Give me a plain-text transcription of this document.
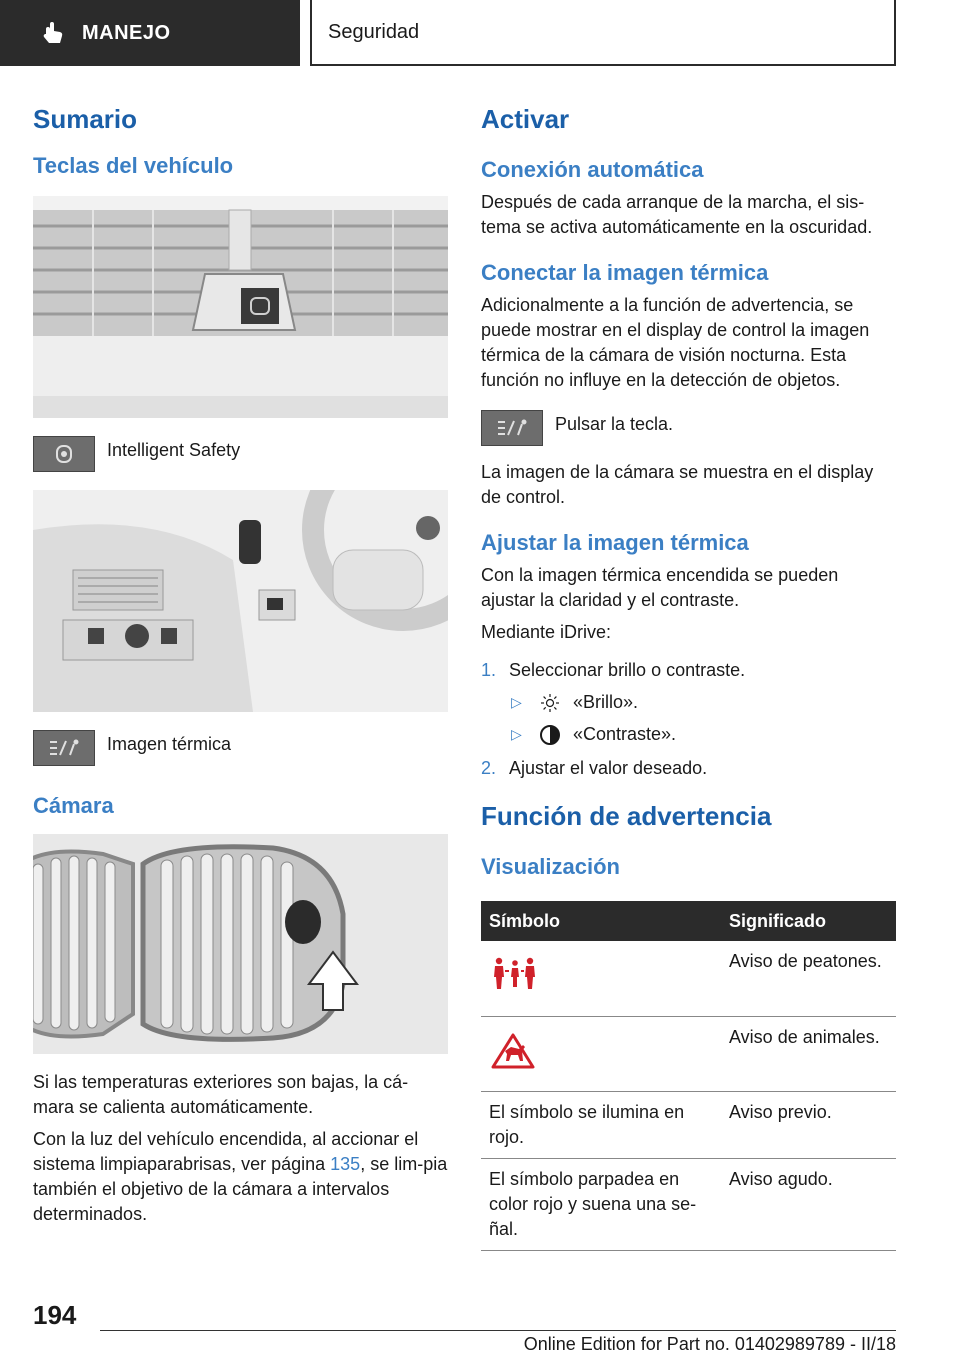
MANEJO	Seguridad
Sumario
Teclas del vehículo
Intelligent Safety
Imagen térmica
Cámara

Si las temperaturas exteriores son bajas, la cá-mara se calienta automáticamente.

Con la luz del vehículo encendida, al accionar el sistema limpiaparabrisas, ver página 135, se lim-pia también el objetivo de la cámara a intervalos determinados.

Activar
Conexión automática

Después de cada arranque de la marcha, el sis-tema se activa automáticamente en la oscuridad.

Conectar la imagen térmica

Adicionalmente a la función de advertencia, se puede mostrar en el display de control la imagen térmica de la cámara de visión nocturna. Esta función no influye en la detección de objetos.

Pulsar la tecla.

La imagen de la cámara se muestra en el display de control.

Ajustar la imagen térmica

Con la imagen térmica encendida se pueden ajustar la claridad y el contraste.

Mediante iDrive:

1. Seleccionar brillo o contraste.
▷	«Brillo».
▷	«Contraste».
2. Ajustar el valor deseado.
Función de advertencia
Visualización
Símbolo	Significado
	Aviso de peatones.
	Aviso de animales.
El símbolo se ilumina en rojo.	Aviso previo.
El símbolo parpadea en color rojo y suena una se-ñal.	Aviso agudo.
194
Online Edition for Part no. 01402989789 - II/18
